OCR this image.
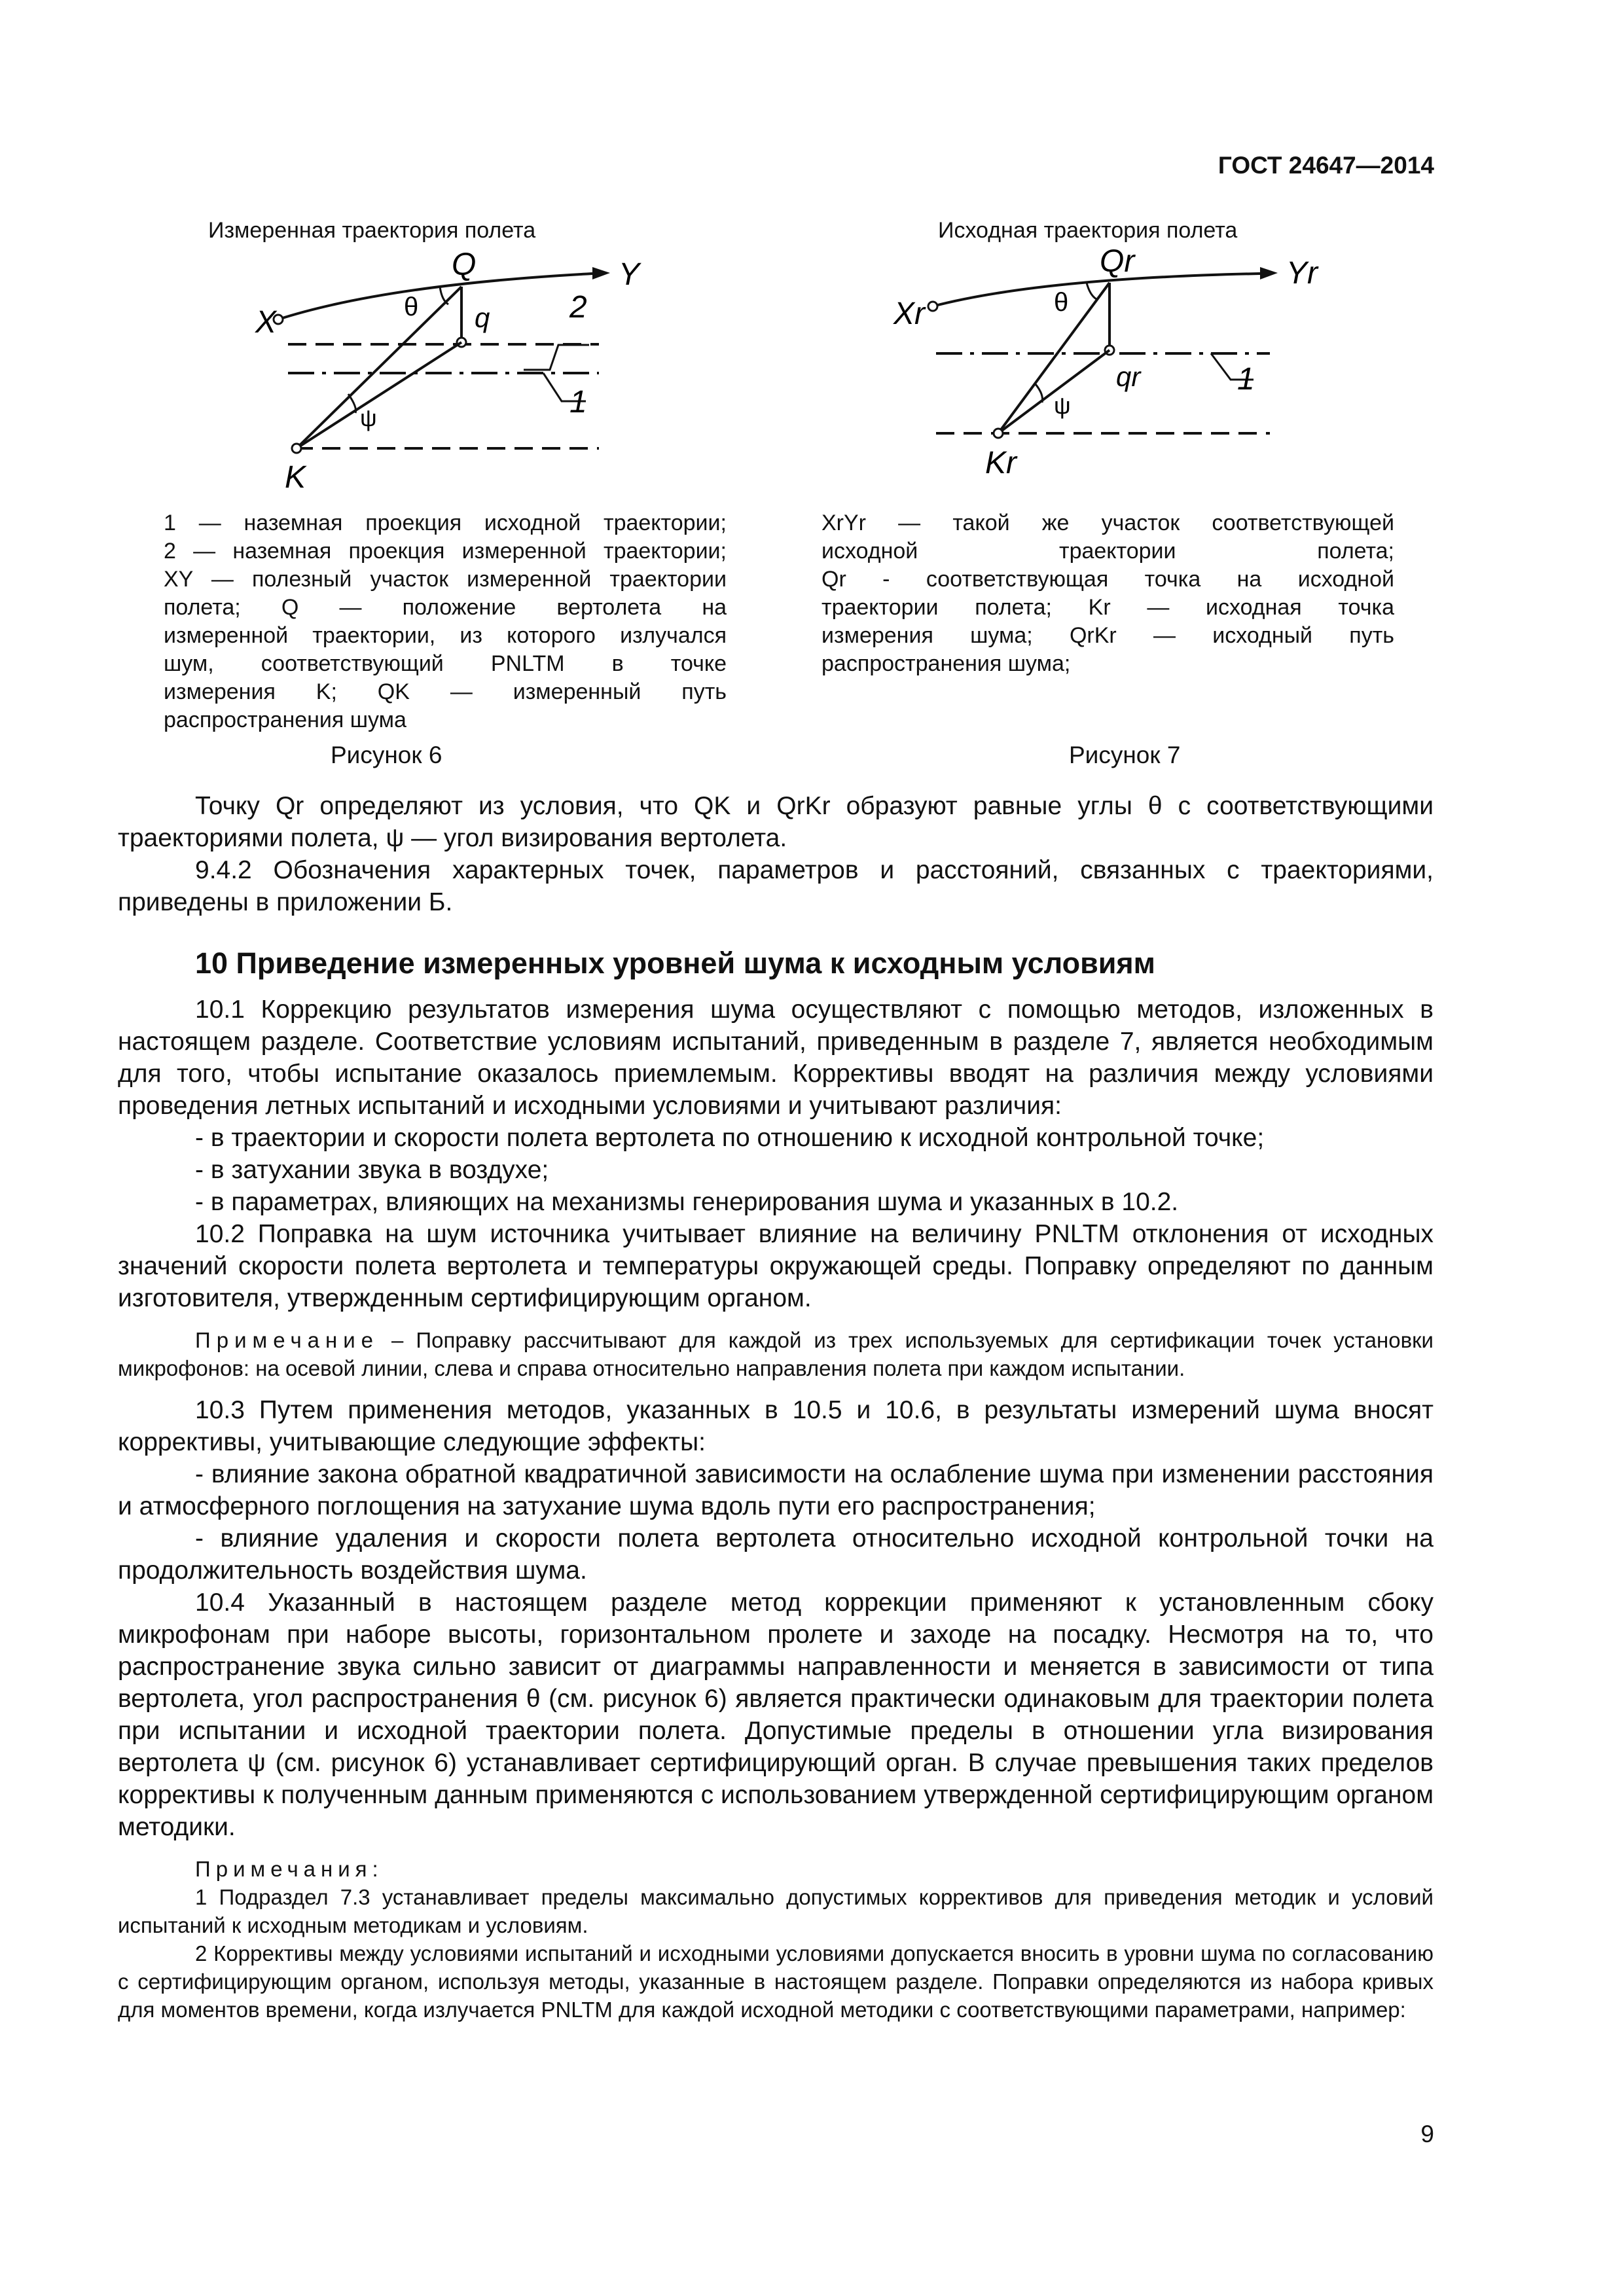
ГОСТ 24647—2014
Измеренная траектория полета
X
Y
Q
q
K
θ
ψ	1
2
Исходная траектория полета
Xr
Yr
Qr
qr
Kr
θ
ψ
1
1 — наземная проекция исходной траектории;
2 — наземная проекция измеренной траектории;
XY — полезный участок измеренной траектории
полета; Q — положение вертолета на
измеренной траектории, из которого излучался
шум, соответствующий PNLTM в точке
измерения K; QK — измеренный путь
распространения шума
XrYr — такой же участок соответствующей
исходной траектории полета;
Qr - соответствующая точка на исходной
траектории полета; Kr — исходная точка
измерения шума; QrKr — исходный путь
распространения шума;
Рисунок 6	Рисунок 7

Точку Qr определяют из условия, что QK и QrKr образуют равные углы θ с соответствующими траекториями полета, ψ — угол визирования вертолета.

9.4.2 Обозначения характерных точек, параметров и расстояний, связанных с траекториями, приведены в приложении Б.

10 Приведение измеренных уровней шума к исходным условиям

10.1 Коррекцию результатов измерения шума осуществляют с помощью методов, изложенных в настоящем разделе. Соответствие условиям испытаний, приведенным в разделе 7, является необходимым для того, чтобы испытание оказалось приемлемым. Коррективы вводят на различия между условиями проведения летных испытаний и исходными условиями и учитывают различия:

- в траектории и скорости полета вертолета по отношению к исходной контрольной точке;

- в затухании звука в воздухе;

- в параметрах, влияющих на механизмы генерирования шума и указанных в 10.2.

10.2 Поправка на шум источника учитывает влияние на величину PNLTM отклонения от исходных значений скорости полета вертолета и температуры окружающей среды. Поправку определяют по данным изготовителя, утвержденным сертифицирующим органом.

Примечание – Поправку рассчитывают для каждой из трех используемых для сертификации точек установки микрофонов: на осевой линии, слева и справа относительно направления полета при каждом испытании.

10.3 Путем применения методов, указанных в 10.5 и 10.6, в результаты измерений шума вносят коррективы, учитывающие следующие эффекты:

- влияние закона обратной квадратичной зависимости на ослабление шума при изменении расстояния и атмосферного поглощения на затухание шума вдоль пути его распространения;

- влияние удаления и скорости полета вертолета относительно исходной контрольной точки на продолжительность воздействия шума.

10.4 Указанный в настоящем разделе метод коррекции применяют к установленным сбоку микрофонам при наборе высоты, горизонтальном пролете и заходе на посадку. Несмотря на то, что распространение звука сильно зависит от диаграммы направленности и меняется в зависимости от типа вертолета, угол распространения θ (см. рисунок 6) является практически одинаковым для траектории полета при испытании и исходной траектории полета. Допустимые пределы в отношении угла визирования вертолета ψ (см. рисунок 6) устанавливает сертифицирующий орган. В случае превышения таких пределов коррективы к полученным данным применяются с использованием утвержденной сертифицирующим органом методики.

Примечания:

1 Подраздел 7.3 устанавливает пределы максимально допустимых коррективов для приведения методик и условий испытаний к исходным методикам и условиям.

2 Коррективы между условиями испытаний и исходными условиями допускается вносить в уровни шума по согласованию с сертифицирующим органом, используя методы, указанные в настоящем разделе. Поправки определяются из набора кривых для моментов времени, когда излучается PNLTM для каждой исходной методики с соответствующими параметрами, например:

9
